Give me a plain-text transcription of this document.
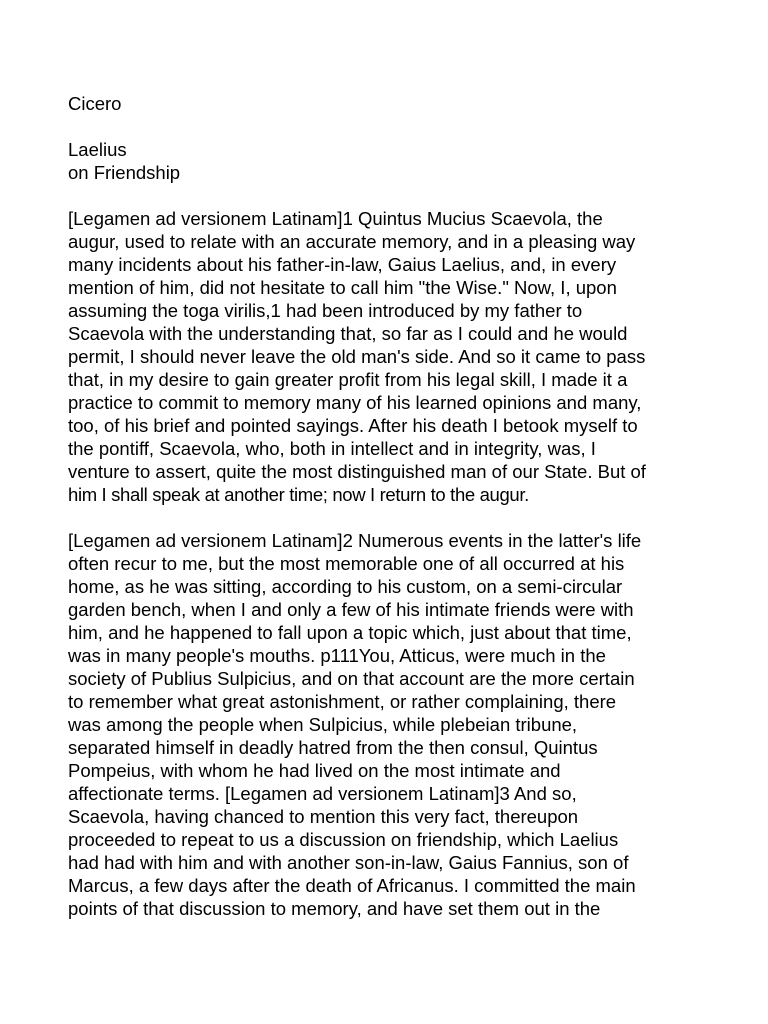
Cicero
Laelius
on Friendship
[Legamen ad versionem Latinam]1 Quintus Mucius Scaevola, the
augur, used to relate with an accurate memory, and in a pleasing way
many incidents about his father-in-law, Gaius Laelius, and, in every
mention of him, did not hesitate to call him "the Wise." Now, I, upon
assuming the toga virilis,1 had been introduced by my father to
Scaevola with the understanding that, so far as I could and he would
permit, I should never leave the old man's side. And so it came to pass
that, in my desire to gain greater profit from his legal skill, I made it a
practice to commit to memory many of his learned opinions and many,
too, of his brief and pointed sayings. After his death I betook myself to
the pontiff, Scaevola, who, both in intellect and in integrity, was, I
venture to assert, quite the most distinguished man of our State. But of
him I shall speak at another time; now I return to the augur.
[Legamen ad versionem Latinam]2 Numerous events in the latter's life
often recur to me, but the most memorable one of all occurred at his
home, as he was sitting, according to his custom, on a semi-circular
garden bench, when I and only a few of his intimate friends were with
him, and he happened to fall upon a topic which, just about that time,
was in many people's mouths. p111You, Atticus, were much in the
society of Publius Sulpicius, and on that account are the more certain
to remember what great astonishment, or rather complaining, there
was among the people when Sulpicius, while plebeian tribune,
separated himself in deadly hatred from the then consul, Quintus
Pompeius, with whom he had lived on the most intimate and
affectionate terms. [Legamen ad versionem Latinam]3 And so,
Scaevola, having chanced to mention this very fact, thereupon
proceeded to repeat to us a discussion on friendship, which Laelius
had had with him and with another son-in-law, Gaius Fannius, son of
Marcus, a few days after the death of Africanus. I committed the main
points of that discussion to memory, and have set them out in the
